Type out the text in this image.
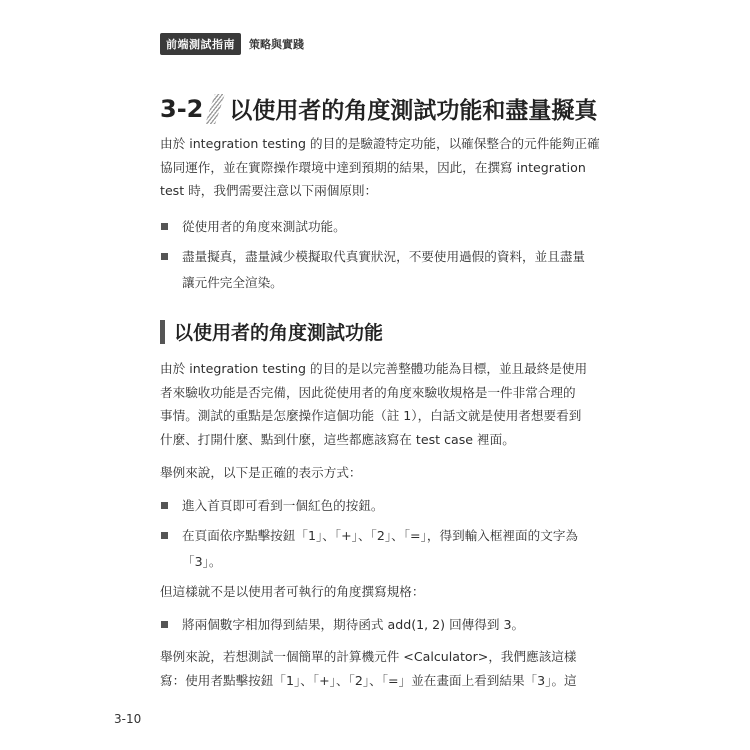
前端測試指南	策略與實踐
3-2 以使用者的角度測試功能和盡量擬真
由於 integration testing 的目的是驗證特定功能，以確保整合的元件能夠正確
協同運作，並在實際操作環境中達到預期的結果，因此，在撰寫 integration
test 時，我們需要注意以下兩個原則：
從使用者的角度來測試功能。
盡量擬真，盡量減少模擬取代真實狀況，不要使用過假的資料，並且盡量
讓元件完全渲染。
以使用者的角度測試功能
由於 integration testing 的目的是以完善整體功能為目標，並且最終是使用
者來驗收功能是否完備，因此從使用者的角度來驗收規格是一件非常合理的
事情。測試的重點是怎麼操作這個功能（註 1），白話文就是使用者想要看到
什麼、打開什麼、點到什麼，這些都應該寫在 test case 裡面。
舉例來說，以下是正確的表示方式：
進入首頁即可看到一個紅色的按鈕。
在頁面依序點擊按鈕「1」、「+」、「2」、「=」，得到輸入框裡面的文字為
「3」。
但這樣就不是以使用者可執行的角度撰寫規格：
將兩個數字相加得到結果，期待函式 add(1, 2) 回傳得到 3。
舉例來說，若想測試一個簡單的計算機元件 <Calculator>，我們應該這樣
寫：使用者點擊按鈕「1」、「+」、「2」、「=」並在畫面上看到結果「3」。這
3-10
